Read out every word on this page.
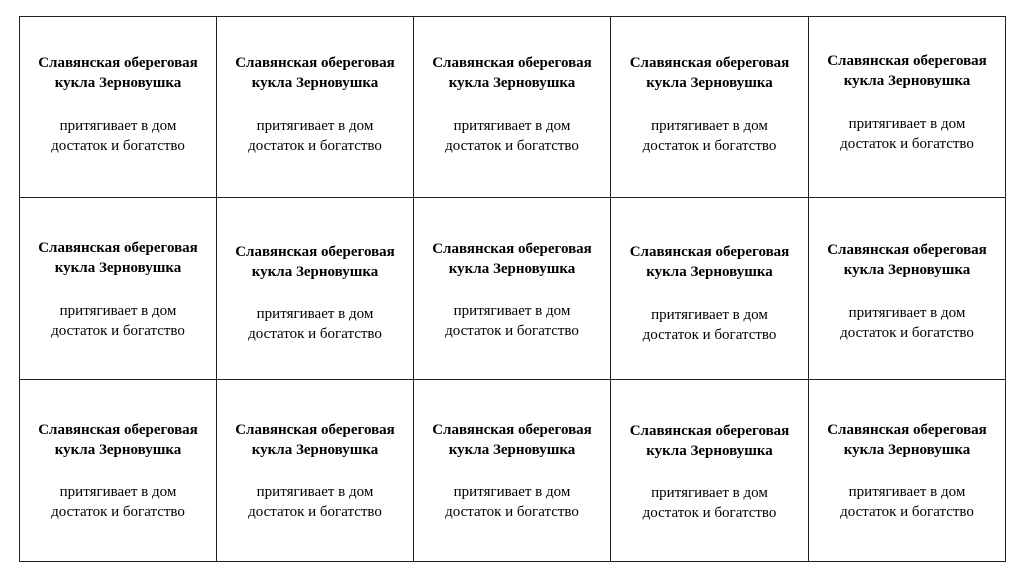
Славянская обереговая
кукла Зерновушка
притягивает в дом
достаток и богатство
Славянская обереговая
кукла Зерновушка
притягивает в дом
достаток и богатство
Славянская обереговая
кукла Зерновушка
притягивает в дом
достаток и богатство
Славянская обереговая
кукла Зерновушка
притягивает в дом
достаток и богатство
Славянская обереговая
кукла Зерновушка
притягивает в дом
достаток и богатство
Славянская обереговая
кукла Зерновушка
притягивает в дом
достаток и богатство
Славянская обереговая
кукла Зерновушка
притягивает в дом
достаток и богатство
Славянская обереговая
кукла Зерновушка
притягивает в дом
достаток и богатство
Славянская обереговая
кукла Зерновушка
притягивает в дом
достаток и богатство
Славянская обереговая
кукла Зерновушка
притягивает в дом
достаток и богатство
Славянская обереговая
кукла Зерновушка
притягивает в дом
достаток и богатство
Славянская обереговая
кукла Зерновушка
притягивает в дом
достаток и богатство
Славянская обереговая
кукла Зерновушка
притягивает в дом
достаток и богатство
Славянская обереговая
кукла Зерновушка
притягивает в дом
достаток и богатство
Славянская обереговая
кукла Зерновушка
притягивает в дом
достаток и богатство
